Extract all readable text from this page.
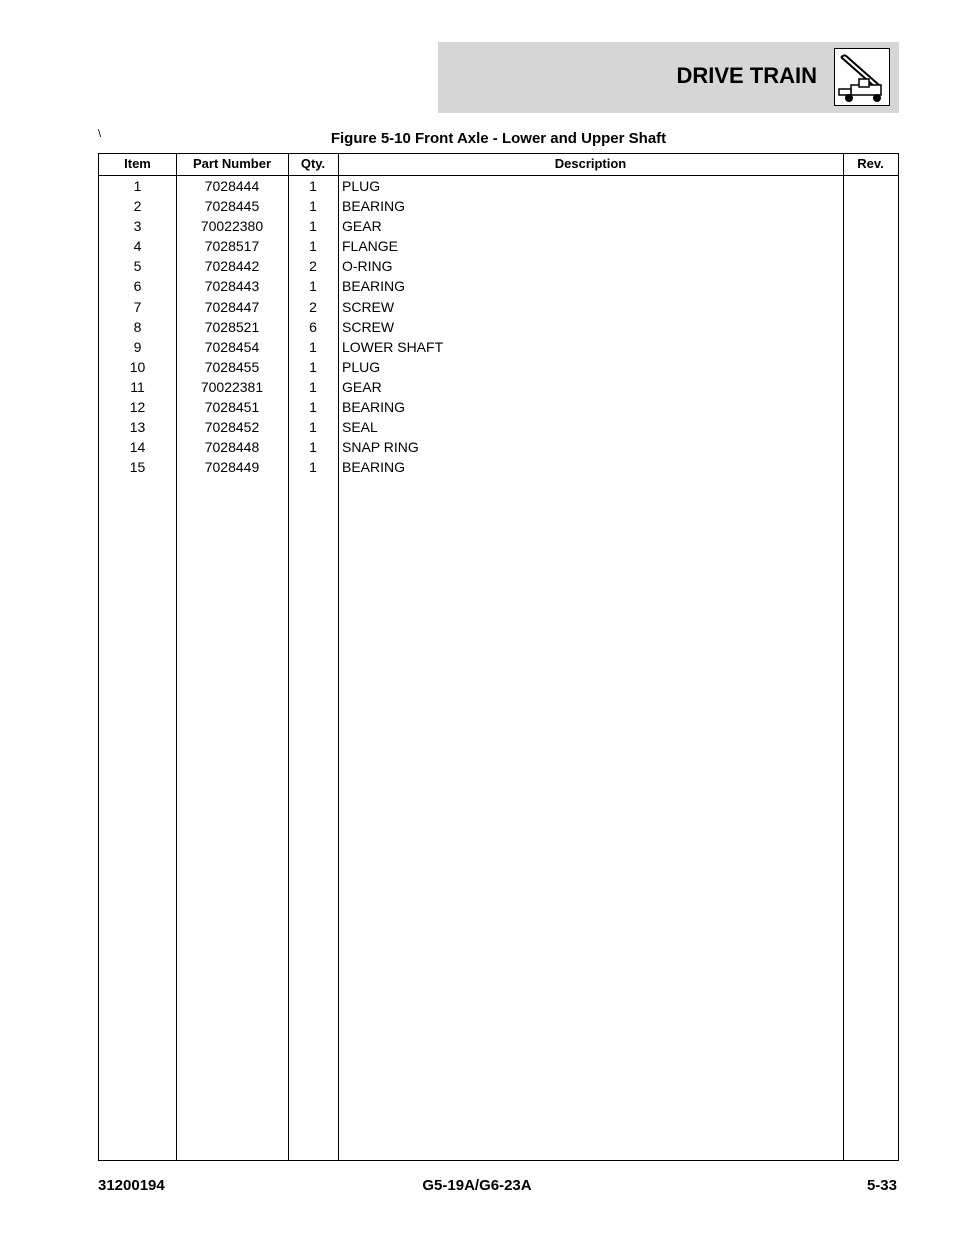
DRIVE TRAIN
\	Figure 5-10 Front Axle - Lower and Upper Shaft
Item	Part Number	Qty.	Description	Rev.
1	7028444	1	PLUG
2	7028445	1	BEARING
3	70022380	1	GEAR
4	7028517	1	FLANGE
5	7028442	2	O-RING
6	7028443	1	BEARING
7	7028447	2	SCREW
8	7028521	6	SCREW
9	7028454	1	LOWER SHAFT
10	7028455	1	PLUG
11	70022381	1	GEAR
12	7028451	1	BEARING
13	7028452	1	SEAL
14	7028448	1	SNAP RING
15	7028449	1	BEARING
31200194	G5-19A/G6-23A	5-33
